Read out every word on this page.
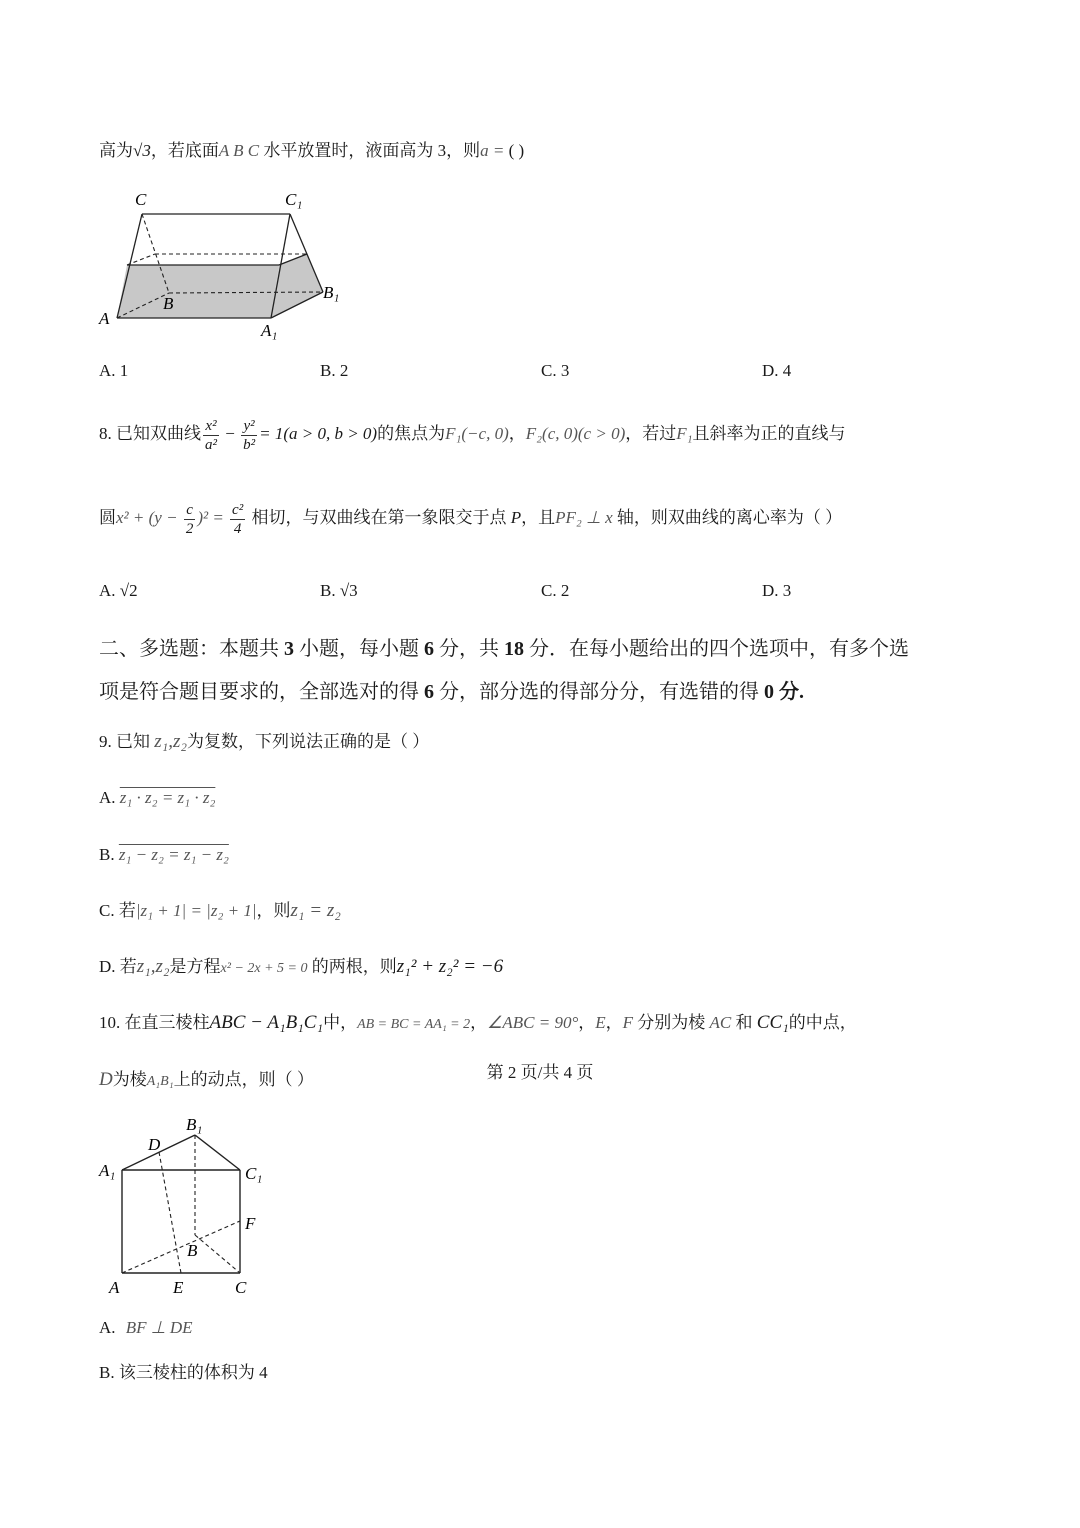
高为√3，若底面A B C 水平放置时，液面高为 3，则a = ( )
C	C₁
B
B₁
A
A₁
A. 1	B. 2	C. 3	D. 4
8. 已知双曲线 $\frac{\text{x²}}{\text{a²}} - \frac{\text{y²}}{\text{b²}} = 1(a > 0$, b > 0)的焦点为F₁(−c, 0)，F₂(c, 0)(c > 0)，若过F₁且斜率为正的直线与
圆$x^2 + (y - \frac{c}{2} )^2 = \frac{\text{c²}}{4}$ 相切，与双曲线在第一象限交于点 P，且PF₂ ⊥ x 轴，则双曲线的离心率为（ ）
A. √2	B. √3	C. 2	D. 3
二、多选题：本题共 3 小题，每小题 6 分，共 18 分．在每小题给出的四个选项中，有多个选
项是符合题目要求的，全部选对的得 6 分，部分选的得部分分，有选错的得 0 分.
9. 已知 z₁,z₂为复数，下列说法正确的是（ ）
A. z₁ · z₂ = z₁ · z₂
B. z₁ − z₂ = z₁ − z₂
C. 若|z₁ + 1| = |z₂ + 1|，则z₁ = z₂
D. 若z₁,z₂是方程x² − 2x + 5 = 0 的两根，则z₁² + z₂² = −6
10. 在直三棱柱ABC − A₁B₁C₁中，AB = BC = AA₁ = 2，∠ABC = 90°，E，F 分别为棱 AC 和 CC₁的中点，
D为棱A₁B₁上的动点，则（ ）
B₁
D
A₁	C₁
F
B
A	E	C
A. BF ⊥ DE
B. 该三棱柱的体积为 4
第 2 页/共 4 页
